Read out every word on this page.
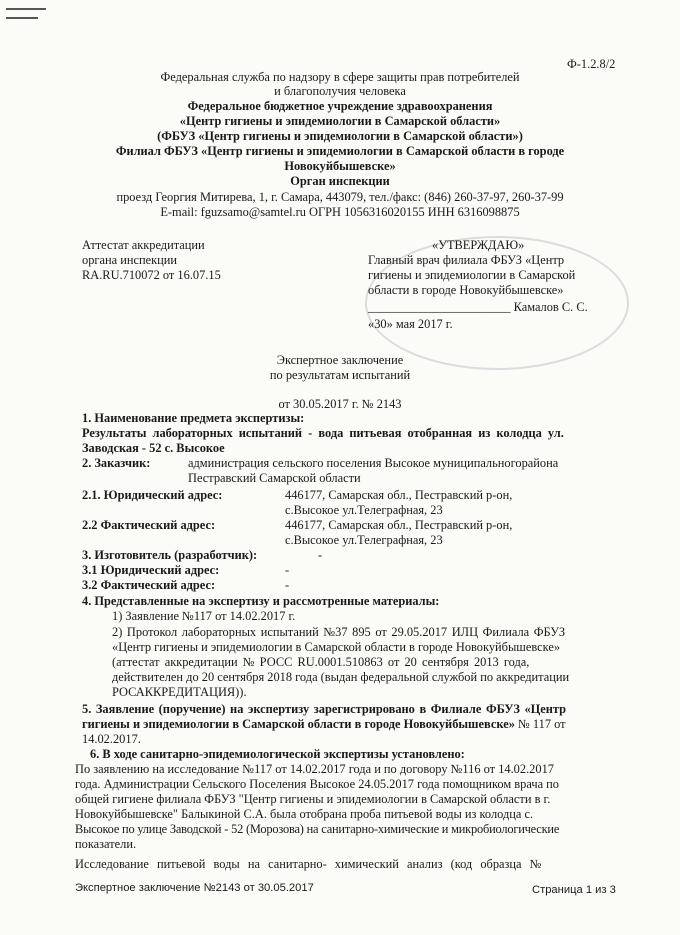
Ф-1.2.8/2
Федеральная служба по надзору в сфере защиты прав потребителей
и благополучия человека
Федеральное бюджетное учреждение здравоохранения
«Центр гигиены и эпидемиологии в Самарской области»
(ФБУЗ «Центр гигиены и эпидемиологии в Самарской области»)
Филиал ФБУЗ «Центр гигиены и эпидемиологии в Самарской области в городе
Новокуйбышевске»
Орган инспекции
проезд Георгия Митирева, 1, г. Самара, 443079, тел./факс: (846) 260-37-97, 260-37-99
E-mail: fguzsamo@samtel.ru ОГРН 1056316020155 ИНН 6316098875
Аттестат аккредитации
органа инспекции
RA.RU.710072 от 16.07.15
«УТВЕРЖДАЮ»
Главный врач филиала ФБУЗ «Центр
гигиены и эпидемиологии в Самарской
области в городе Новокуйбышевске»
_______________________ Камалов С. С.
«30» мая 2017 г.
Экспертное заключение
по результатам испытаний
от 30.05.2017 г. № 2143
1. Наименование предмета экспертизы:
Результаты лабораторных испытаний - вода питьевая отобранная из колодца ул.
Заводская - 52 с. Высокое
2. Заказчик:	администрация сельского поселения Высокое муниципальногорайона
Пестравский Самарской области
2.1. Юридический адрес:	446177, Самарская обл., Пестравский р-он,
с.Высокое ул.Телеграфная, 23
2.2 Фактический адрес:	446177, Самарская обл., Пестравский р-он,
с.Высокое ул.Телеграфная, 23
3. Изготовитель (разработчик):	-
3.1 Юридический адрес:	-
3.2 Фактический адрес:	-
4. Представленные на экспертизу и рассмотренные материалы:
1) Заявление №117 от 14.02.2017 г.
2) Протокол лабораторных испытаний №37 895 от 29.05.2017 ИЛЦ Филиала ФБУЗ
«Центр гигиены и эпидемиологии в Самарской области в городе Новокуйбышевске»
(аттестат аккредитации № РОСС RU.0001.510863 от 20 сентября 2013 года,
действителен до 20 сентября 2018 года (выдан федеральной службой по аккредитации
РОСАККРЕДИТАЦИЯ)).
5. Заявление (поручение) на экспертизу зарегистрировано в Филиале ФБУЗ «Центр
гигиены и эпидемиологии в Самарской области в городе Новокуйбышевске» № 117 от
14.02.2017.
6. В ходе санитарно-эпидемиологической экспертизы установлено:
По заявлению на исследование №117 от 14.02.2017 года и по договору №116 от 14.02.2017
года. Администрации Сельского Поселения Высокое 24.05.2017 года помощником врача по
общей гигиене филиала ФБУЗ "Центр гигиены и эпидемиологии в Самарской области в г.
Новокуйбышевске" Балыкиной С.А. была отобрана проба питьевой воды из колодца с.
Высокое по улице Заводской - 52 (Морозова) на санитарно-химические и микробиологические
показатели.
Исследование питьевой воды на санитарно- химический анализ (код образца №
Экспертное заключение №2143 от 30.05.2017	Страница 1 из 3
